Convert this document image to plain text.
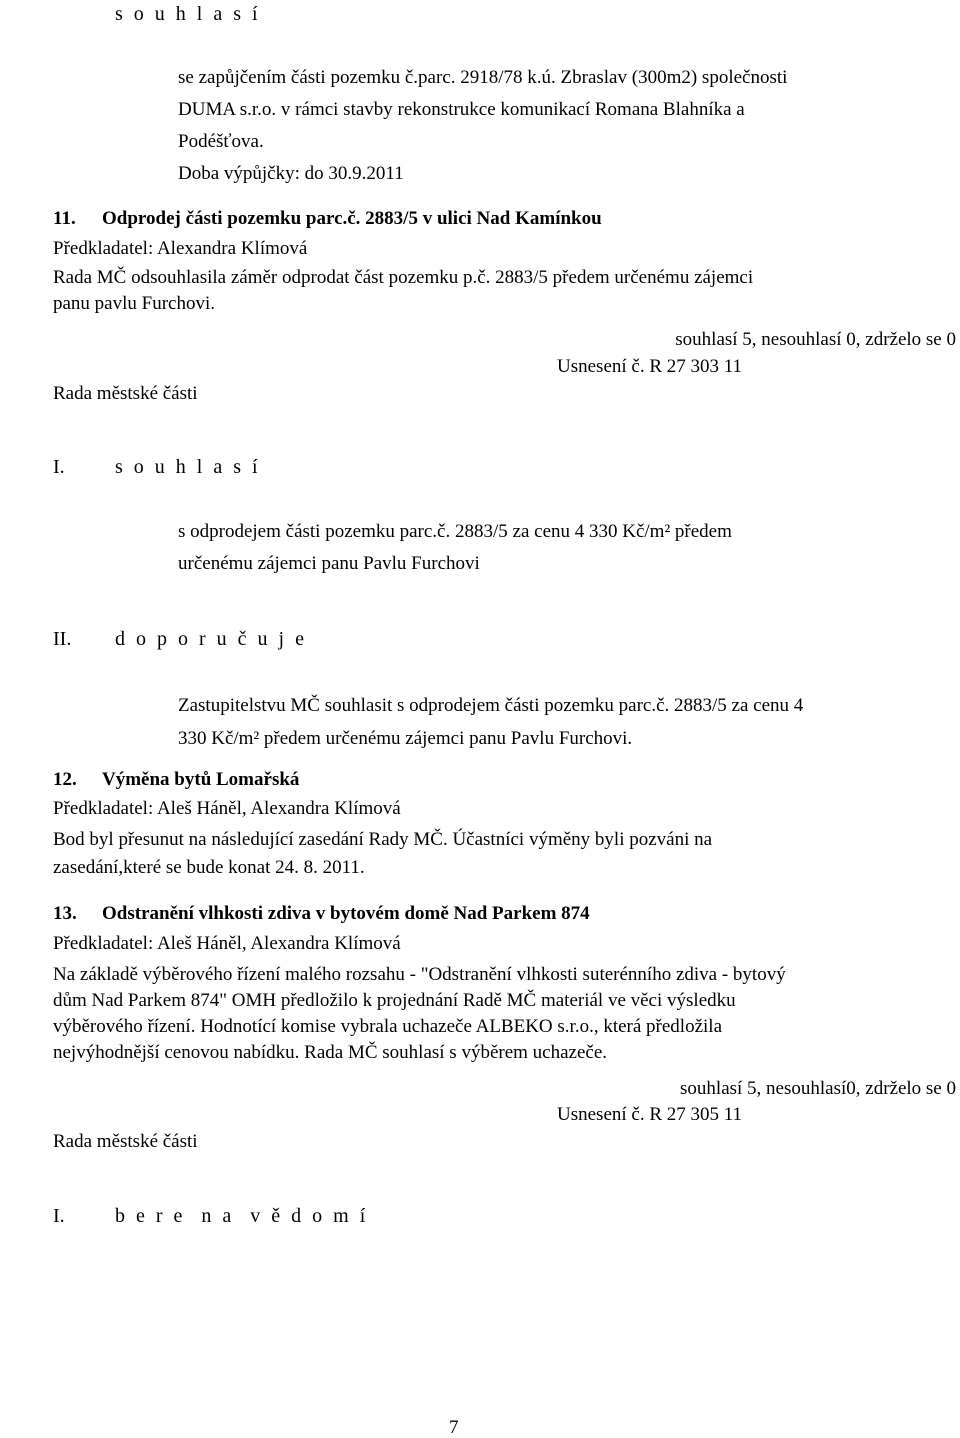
s o u h l a s í
se zapůjčením části pozemku č.parc. 2918/78 k.ú. Zbraslav (300m2) společnosti
DUMA s.r.o. v rámci stavby rekonstrukce komunikací Romana Blahníka a
Podéšťova.
Doba výpůjčky: do 30.9.2011
11. Odprodej části pozemku parc.č. 2883/5 v ulici Nad Kamínkou
Předkladatel: Alexandra Klímová
Rada MČ odsouhlasila záměr odprodat část pozemku p.č. 2883/5 předem určenému zájemci
panu pavlu Furchovi.
souhlasí 5, nesouhlasí 0, zdrželo se 0
Usnesení č. R 27 303 11
Rada městské části
I.	s o u h l a s í
s odprodejem části pozemku parc.č. 2883/5 za cenu 4 330 Kč/m² předem
určenému zájemci panu Pavlu Furchovi
II. d o p o r u č u j e
Zastupitelstvu MČ souhlasit s odprodejem části pozemku parc.č. 2883/5 za cenu 4
330 Kč/m² předem určenému zájemci panu Pavlu Furchovi.
12. Výměna bytů Lomařská
Předkladatel: Aleš Háněl, Alexandra Klímová
Bod byl přesunut na následující zasedání Rady MČ. Účastníci výměny byli pozváni na
zasedání,které se bude konat 24. 8. 2011.
13. Odstranění vlhkosti zdiva v bytovém domě Nad Parkem 874
Předkladatel: Aleš Háněl, Alexandra Klímová
Na základě výběrového řízení malého rozsahu - "Odstranění vlhkosti suterénního zdiva - bytový
dům Nad Parkem 874" OMH předložilo k projednání Radě MČ materiál ve věci výsledku
výběrového řízení. Hodnotící komise vybrala uchazeče ALBEKO s.r.o., která předložila
nejvýhodnější cenovou nabídku. Rada MČ souhlasí s výběrem uchazeče.
souhlasí 5, nesouhlasí0, zdrželo se 0
Usnesení č. R 27 305 11
Rada městské části
I.	b e r e  n a  v ě d o m í
7
